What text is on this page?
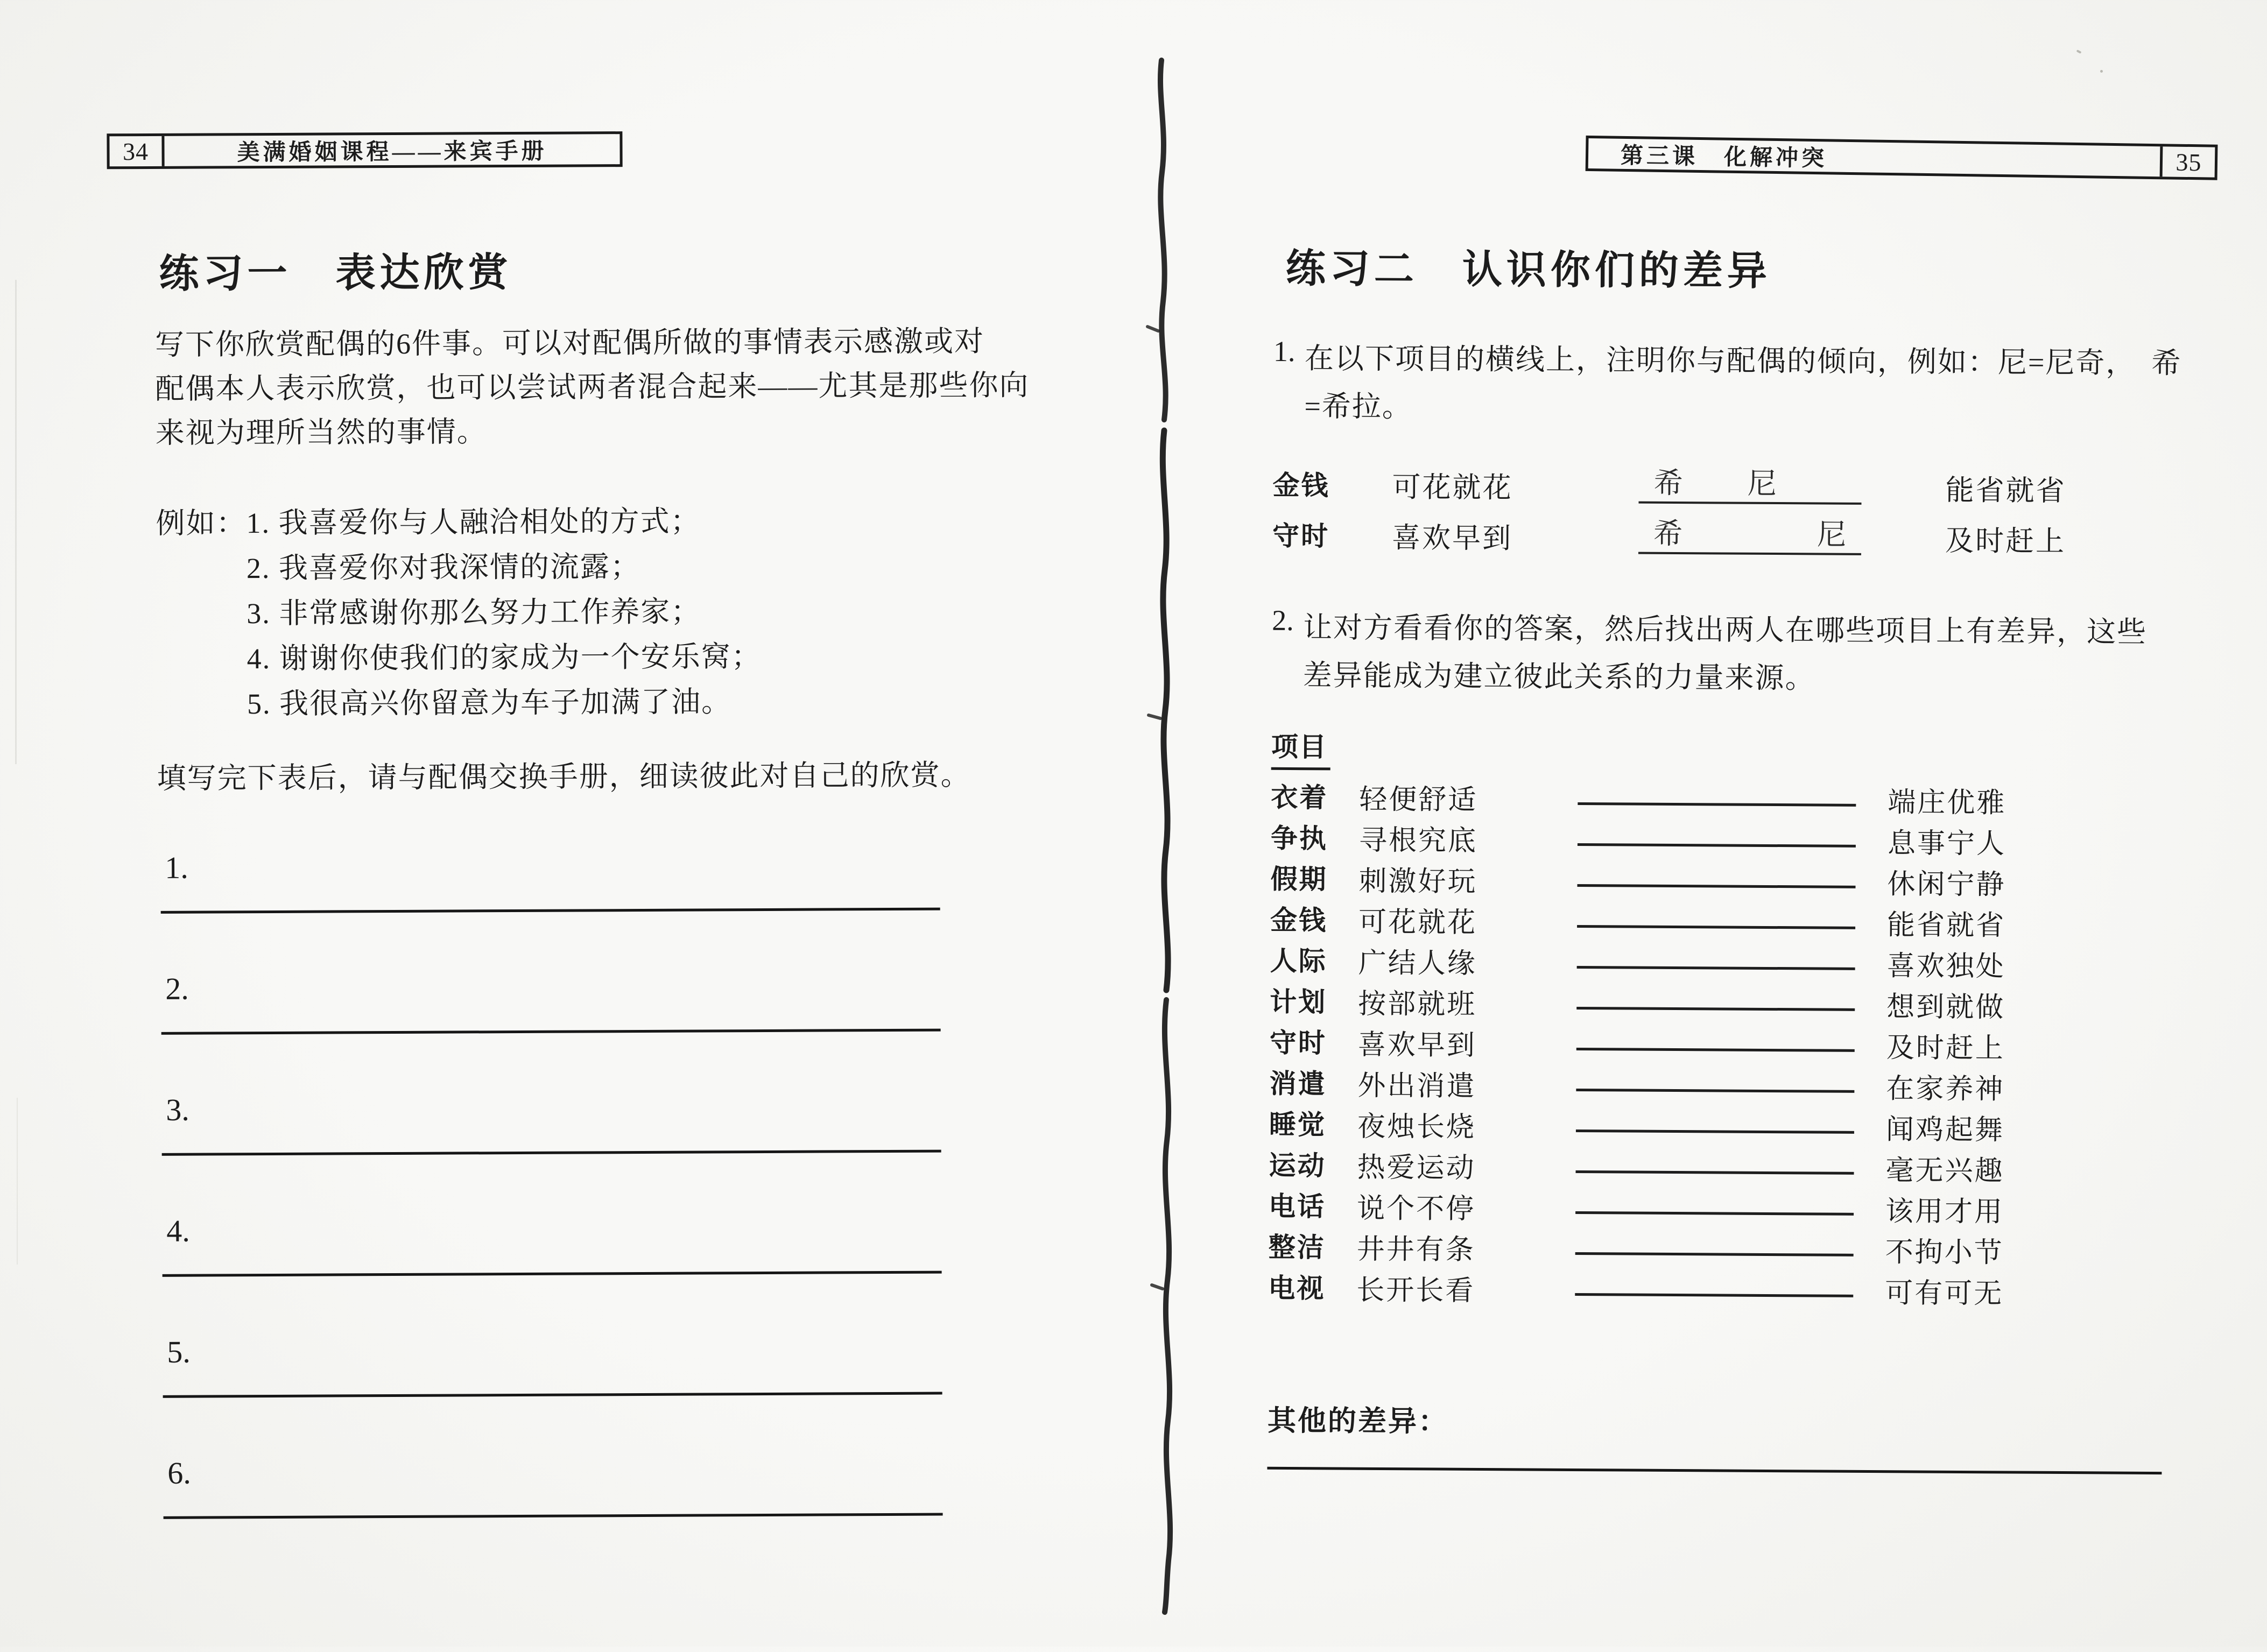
34	美满婚姻课程——来宾手册
练习一　表达欣赏
写下你欣赏配偶的6件事。可以对配偶所做的事情表示感激或对
配偶本人表示欣赏，也可以尝试两者混合起来——尤其是那些你向
来视为理所当然的事情。
例如： 1. 我喜爱你与人融洽相处的方式；
2. 我喜爱你对我深情的流露；
3. 非常感谢你那么努力工作养家；
4. 谢谢你使我们的家成为一个安乐窝；
5. 我很高兴你留意为车子加满了油。
填写完下表后，请与配偶交换手册，细读彼此对自己的欣赏。
1.
2.
3.
4.
5.
6.
第三课　化解冲突	35
练习二　认识你们的差异
1. 在以下项目的横线上，注明你与配偶的倾向，例如：尼=尼奇，　希
=希拉。
金钱 可花就花	希 尼	能省就省
守时 喜欢早到	希	尼	及时赶上
2. 让对方看看你的答案，然后找出两人在哪些项目上有差异，这些
差异能成为建立彼此关系的力量来源。
项目
衣着 轻便舒适	端庄优雅
争执 寻根究底	息事宁人
假期 刺激好玩	休闲宁静
金钱 可花就花	能省就省
人际 广结人缘	喜欢独处
计划 按部就班	想到就做
守时 喜欢早到	及时赶上
消遣 外出消遣	在家养神
睡觉 夜烛长烧	闻鸡起舞
运动 热爱运动	毫无兴趣
电话 说个不停	该用才用
整洁 井井有条	不拘小节
电视 长开长看	可有可无
其他的差异：
